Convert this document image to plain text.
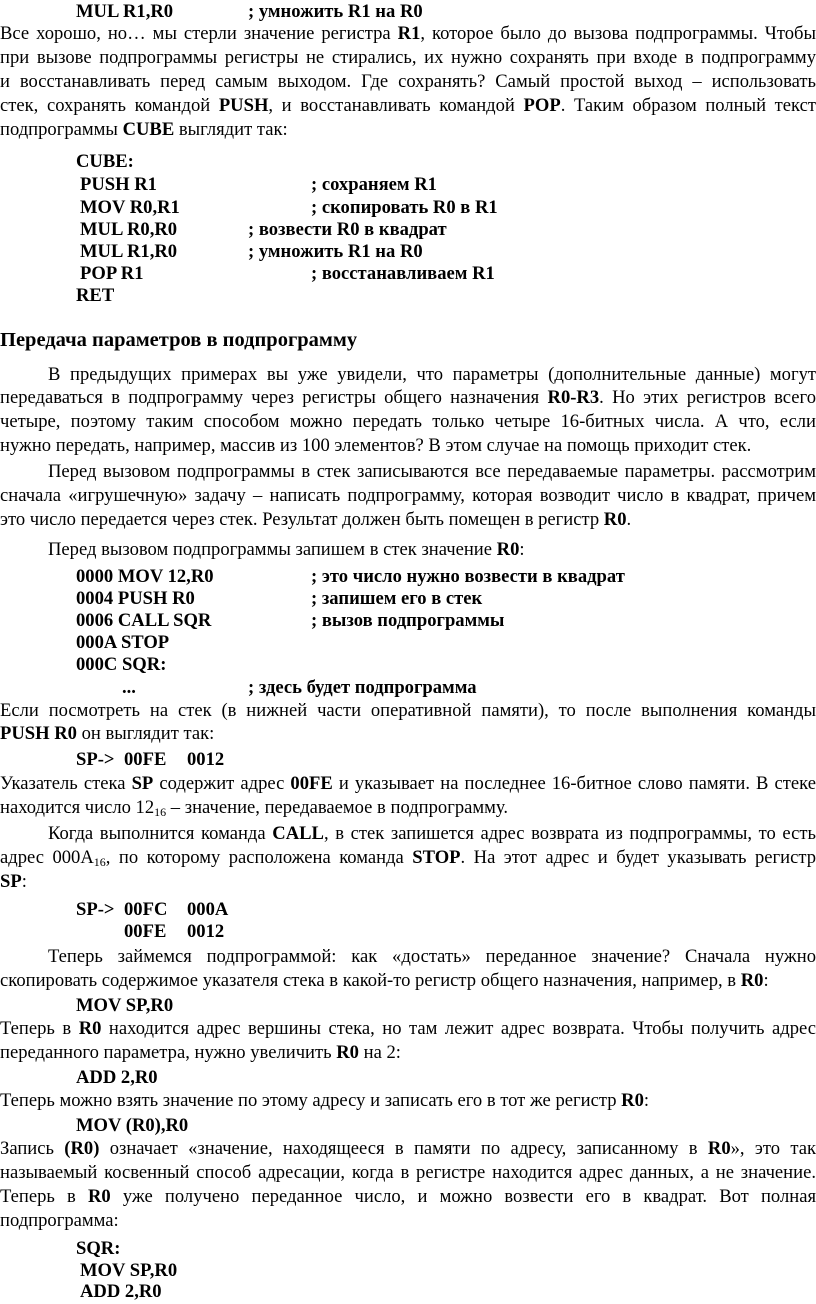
MUL R1,R0	; умножить R1 на R0
Все хорошо, но… мы стерли значение регистра R1, которое было до вызова подпрограммы. Чтобы
при вызове подпрограммы регистры не стирались, их нужно сохранять при входе в подпрограмму
и восстанавливать перед самым выходом. Где сохранять? Самый простой выход – использовать
стек, сохранять командой PUSH, и восстанавливать командой POP. Таким образом полный текст
подпрограммы CUBE выглядит так:
CUBE:
PUSH R1	; сохраняем R1
MOV R0,R1	; скопировать R0 в R1
MUL R0,R0	; возвести R0 в квадрат
MUL R1,R0	; умножить R1 на R0
POP R1	; восстанавливаем R1
RET
Передача параметров в подпрограмму
В предыдущих примерах вы уже увидели, что параметры (дополнительные данные) могут
передаваться в подпрограмму через регистры общего назначения R0-R3. Но этих регистров всего
четыре, поэтому таким способом можно передать только четыре 16-битных числа. А что, если
нужно передать, например, массив из 100 элементов? В этом случае на помощь приходит стек.
Перед вызовом подпрограммы в стек записываются все передаваемые параметры. рассмотрим
сначала «игрушечную» задачу – написать подпрограмму, которая возводит число в квадрат, причем
это число передается через стек. Результат должен быть помещен в регистр R0.
Перед вызовом подпрограммы запишем в стек значение R0:
0000 MOV 12,R0	; это число нужно возвести в квадрат
0004 PUSH R0	; запишем его в стек
0006 CALL SQR	; вызов подпрограммы
000A STOP
000C SQR:
...	; здесь будет подпрограмма
Если посмотреть на стек (в нижней части оперативной памяти), то после выполнения команды
PUSH R0 он выглядит так:
SP-> 00FE 0012
Указатель стека SP содержит адрес 00FE и указывает на последнее 16-битное слово памяти. В стеке
находится число $12_{16}$ – значение, передаваемое в подпрограмму.
Когда выполнится команда CALL, в стек запишется адрес возврата из подпрограммы, то есть
адрес $000A_{16}$, по которому расположена команда STOP. На этот адрес и будет указывать регистр
SP:
SP-> 00FC 000A
00FE 0012
Теперь займемся подпрограммой: как «достать» переданное значение? Сначала нужно
скопировать содержимое указателя стека в какой-то регистр общего назначения, например, в R0:
MOV SP,R0
Теперь в R0 находится адрес вершины стека, но там лежит адрес возврата. Чтобы получить адрес
переданного параметра, нужно увеличить R0 на 2:
ADD 2,R0
Теперь можно взять значение по этому адресу и записать его в тот же регистр R0:
MOV (R0),R0
Запись (R0) означает «значение, находящееся в памяти по адресу, записанному в R0», это так
называемый косвенный способ адресации, когда в регистре находится адрес данных, а не значение.
Теперь в R0 уже получено переданное число, и можно возвести его в квадрат. Вот полная
подпрограмма:
SQR:
MOV SP,R0
ADD 2,R0
